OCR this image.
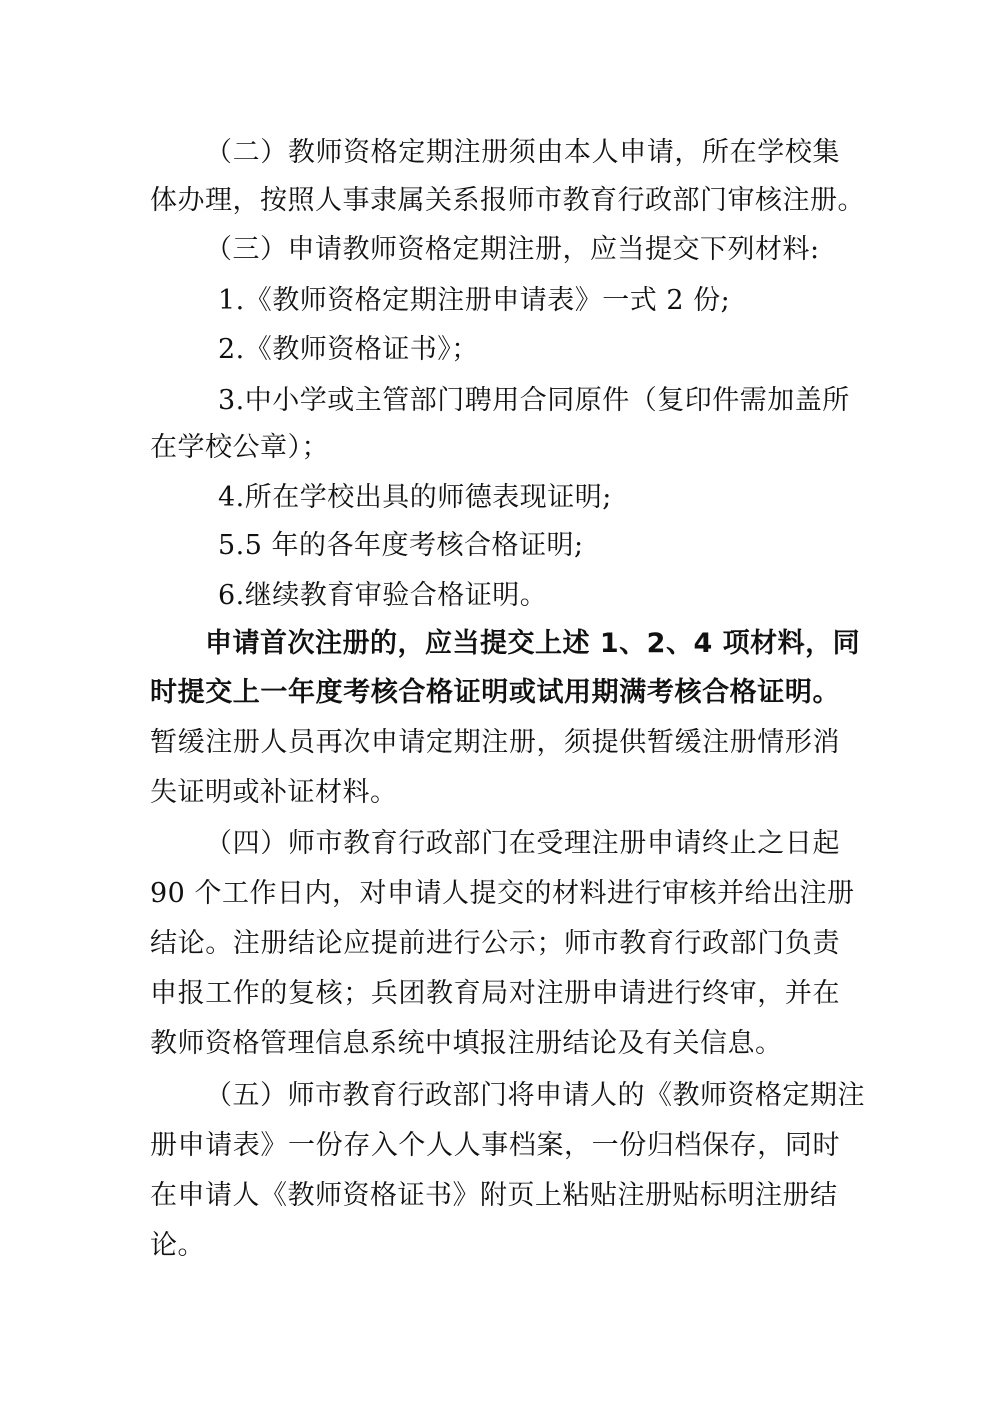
（二）教师资格定期注册须由本人申请，所在学校集
体办理，按照人事隶属关系报师市教育行政部门审核注册。
（三）申请教师资格定期注册，应当提交下列材料:
1.《教师资格定期注册申请表》一式 2 份;
2.《教师资格证书》；
3.中小学或主管部门聘用合同原件（复印件需加盖所
在学校公章）；
4.所在学校出具的师德表现证明;
5.5 年的各年度考核合格证明;
6.继续教育审验合格证明。
申请首次注册的，应当提交上述 1、2、4 项材料，同
时提交上一年度考核合格证明或试用期满考核合格证明。
暂缓注册人员再次申请定期注册，须提供暂缓注册情形消
失证明或补证材料。
（四）师市教育行政部门在受理注册申请终止之日起
90 个工作日内，对申请人提交的材料进行审核并给出注册
结论。注册结论应提前进行公示；师市教育行政部门负责
申报工作的复核；兵团教育局对注册申请进行终审，并在
教师资格管理信息系统中填报注册结论及有关信息。
（五）师市教育行政部门将申请人的《教师资格定期注
册申请表》一份存入个人人事档案，一份归档保存，同时
在申请人《教师资格证书》附页上粘贴注册贴标明注册结
论。
